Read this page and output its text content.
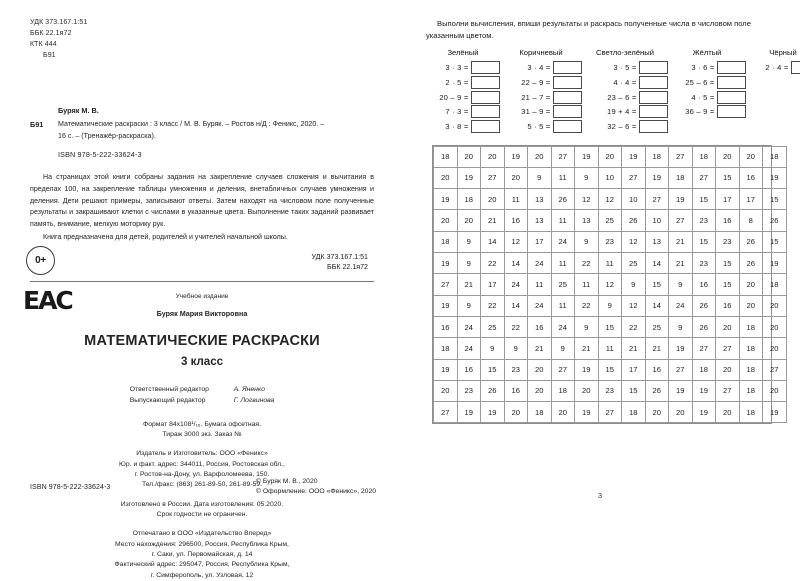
УДК 373.167.1:51
ББК 22.1я72
КТК 444
Б91
Буряк М. В.
Б91	Математические раскраски : 3 класс / М. В. Буряк. – Ростов н/Д : Феникс, 2020. –
16 с. – (Тренажёр-раскраска).
ISBN 978-5-222-33624-3

На страницах этой книги собраны задания на закрепление случаев сложения и вычитания в пределах 100, на закрепление таблицы умножения и деления, внетабличных случаев умножения и деления. Дети решают примеры, записывают ответы. Затем находят на числовом поле полученные результаты и закрашивают клетки с числами в указанные цвета. Выполнение таких заданий развивает память, внимание, мелкую моторику рук.

Книга предназначена для детей, родителей и учителей начальной школы.

УДК 373.167.1:51
ББК 22.1я72
Учебное издание
Буряк Мария Викторовна
МАТЕМАТИЧЕСКИЕ РАСКРАСКИ
3 класс
Ответственный редактор	А. Яненко
Выпускающий редактор	Г. Логвинова
Формат 84х108¹/₁₆. Бумага офсетная.
Тираж 3000 экз. Заказ №
Издатель и Изготовитель: ООО «Феникс»
Юр. и факт. адрес: 344011, Россия, Ростовская обл.,
г. Ростов-на-Дону, ул. Варфоломеева, 150.
Тел./факс: (863) 261-89-50, 261-89-59.
Изготовлено в России. Дата изготовления: 05.2020.
Срок годности не ограничен.
Отпечатано в ООО «Издательство Вперед»
Место нахождения: 296500, Россия, Республика Крым,
г. Саки, ул. Первомайская, д. 14
Фактический адрес: 295047, Россия, Республика Крым,
г. Симферополь, ул. Узловая, 12
0+
ЕAC
ISBN 978-5-222-33624-3
© Буряк М. В., 2020
© Оформление: ООО «Феникс», 2020
Выполни вычисления, впиши результаты и раскрась полученные числа в числовом поле указанным цветом.
Зелёный
3 · 3 =
2 · 5 =
20 – 9 =
7 · 3 =
3 · 8 =
Коричневый
3 · 4 =
22 – 9 =
21 – 7 =
31 – 9 =
5 · 5 =
Светло-зелёный
3 · 5 =
4 · 4 =
23 – 6 =
19 + 4 =
32 – 6 =
Жёлтый
3 · 6 =
25 – 6 =
4 · 5 =
36 – 9 =
Чёрный
2 · 4 =
18	20	20	19	20	27	19	20	19	18	27	18	20	20	18
20	19	27	20	9	11	9	10	27	19	18	27	15	16	19
19	18	20	11	13	26	12	12	10	27	19	15	17	17	15
20	20	21	16	13	11	13	25	26	10	27	23	16	8	26
18	9	14	12	17	24	9	23	12	13	21	15	23	26	15
19	9	22	14	24	11	22	11	25	14	21	23	15	26	19
27	21	17	24	11	25	11	12	9	15	9	16	15	20	18
19	9	22	14	24	11	22	9	12	14	24	26	16	20	20
16	24	25	22	16	24	9	15	22	25	9	26	20	18	20
18	24	9	9	21	9	21	11	21	21	19	27	27	18	20
19	16	15	23	20	27	19	15	17	16	27	18	20	18	27
20	23	26	16	20	18	20	23	15	26	19	19	27	18	20
27	19	19	20	18	20	19	27	18	20	20	19	20	18	19
3
